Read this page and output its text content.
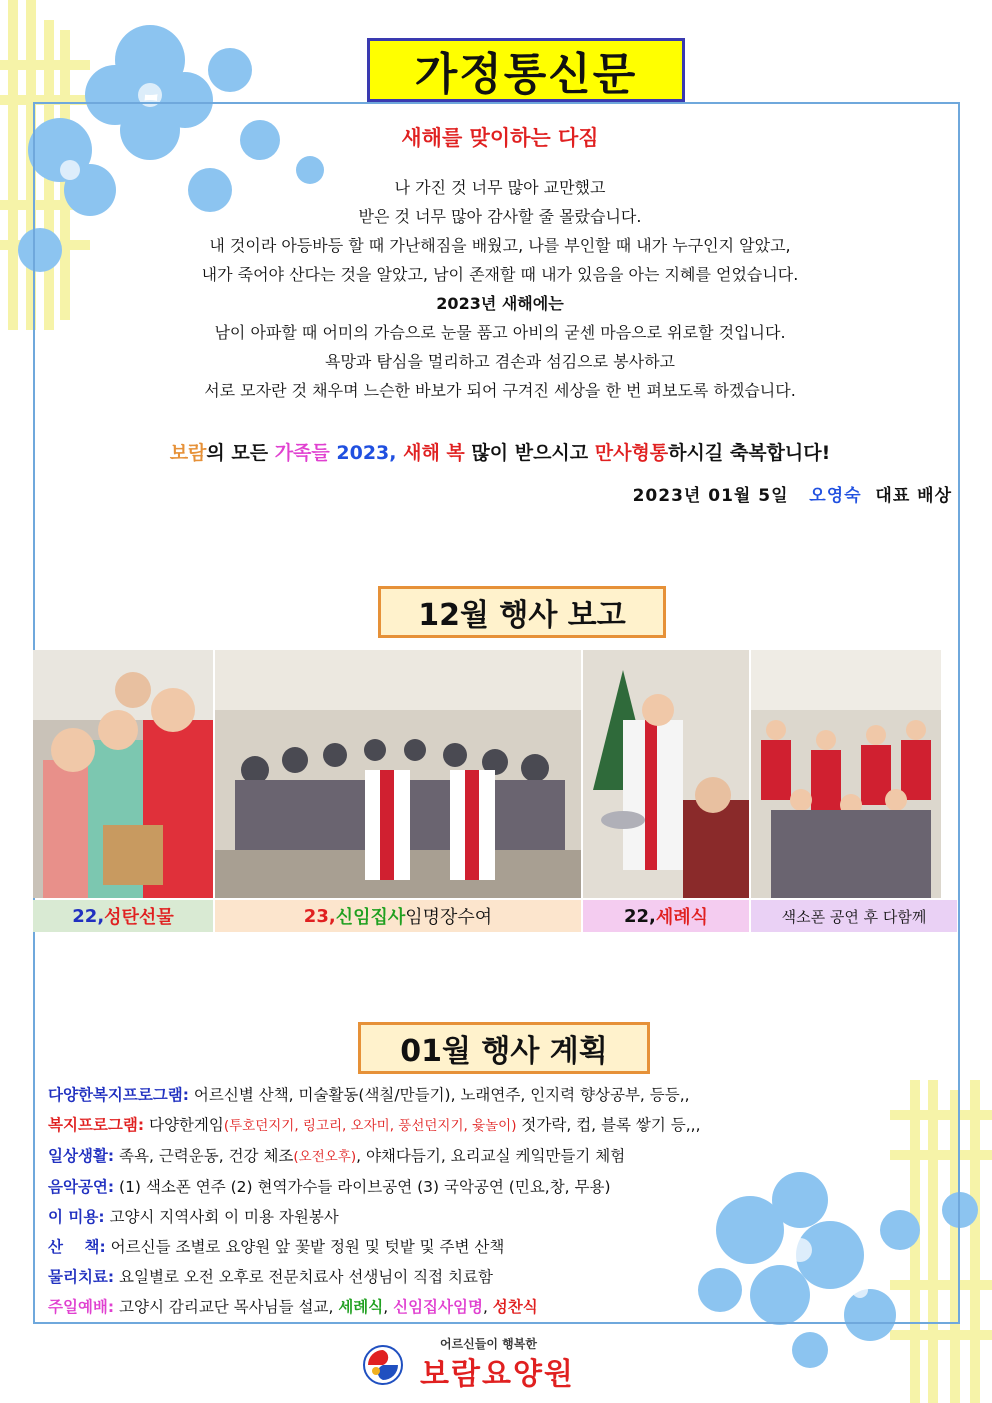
가정통신문
새해를 맞이하는 다짐
나 가진 것 너무 많아 교만했고
받은 것 너무 많아 감사할 줄 몰랐습니다.
내 것이라 아등바등 할 때 가난해짐을 배웠고, 나를 부인할 때 내가 누구인지 알았고,
내가 죽어야 산다는 것을 알았고, 남이 존재할 때 내가 있음을 아는 지혜를 얻었습니다.
2023년 새해에는
남이 아파할 때 어미의 가슴으로 눈물 품고 아비의 굳센 마음으로 위로할 것입니다.
욕망과 탐심을 멀리하고 겸손과 섬김으로 봉사하고
서로 모자란 것 채우며 느슨한 바보가 되어 구겨진 세상을 한 번 펴보도록 하겠습니다.
보람의 모든 가족들 2023, 새해 복 많이 받으시고 만사형통하시길 축복합니다!
2023년 01월 5일 오영숙 대표 배상
12월 행사 보고
22, 성탄선물	23, 신임집사 임명장수여	22, 세례식	색소폰 공연 후 다함께
01월 행사 계획
다양한복지프로그램: 어르신별 산책, 미술활동(색칠/만들기), 노래연주, 인지력 향상공부, 등등,,
복지프로그램: 다양한게임(투호던지기, 링고리, 오자미, 풍선던지기, 윷놀이) 젓가락, 컵, 블록 쌓기 등,,,
일상생활: 족욕, 근력운동, 건강 체조(오전오후), 야채다듬기, 요리교실 케잌만들기 체험
음악공연: (1) 색소폰 연주 (2) 현역가수들 라이브공연 (3) 국악공연 (민요,창, 무용)
이 미용: 고양시 지역사회 이 미용 자원봉사
산    책: 어르신들 조별로 요양원 앞 꽃밭 정원 및 텃밭 및 주변 산책
물리치료: 요일별로 오전 오후로 전문치료사 선생님이 직접 치료함
주일예배: 고양시 감리교단 목사님들 설교, 세례식, 신임집사임명, 성찬식
어르신들이 행복한
보람요양원
